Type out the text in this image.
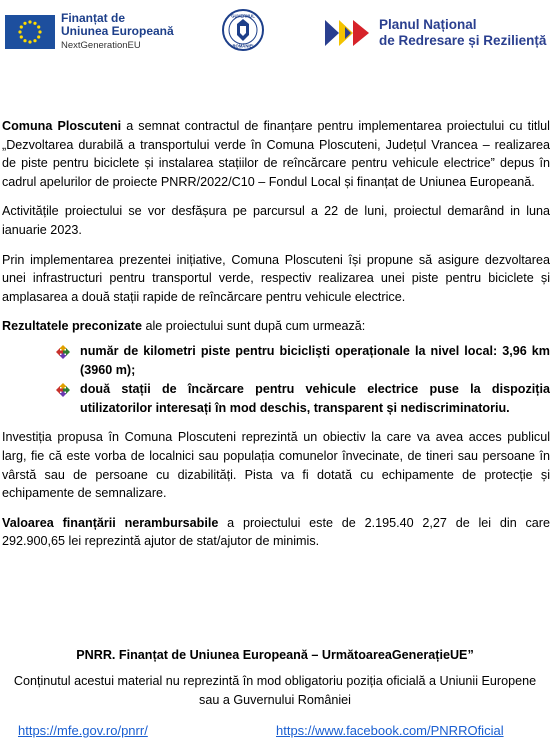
Finanțat de
Uniunea Europeană
NextGenerationEU
GUVERNUL
ROMÂNIEI
Planul Național
de Redresare și Reziliență

Comuna Ploscuteni a semnat contractul de finanțare pentru implementarea proiectului cu titlul „Dezvoltarea durabilă a transportului verde în Comuna Ploscuteni, Județul Vrancea – realizarea de piste pentru biciclete și instalarea stațiilor de reîncărcare pentru vehicule electrice” depus în cadrul apelurilor de proiecte PNRR/2022/C10 – Fondul Local și finanțat de Uniunea Europeană.

Activitățile proiectului se vor desfășura pe parcursul a 22 de luni, proiectul demarând in luna ianuarie 2023.

Prin implementarea prezentei inițiative, Comuna Ploscuteni își propune să asigure dezvoltarea unei infrastructuri pentru transportul verde, respectiv realizarea unei piste pentru biciclete și amplasarea a două stații rapide de reîncărcare pentru vehicule electrice.

Rezultatele preconizate ale proiectului sunt după cum urmează:

număr de kilometri piste pentru bicicliști operaționale la nivel local: 3,96 km (3960 m);
două stații de încărcare pentru vehicule electrice puse la dispoziția utilizatorilor interesați în mod deschis, transparent și nediscriminatoriu.

Investiția propusa în Comuna Ploscuteni reprezintă un obiectiv la care va avea acces publicul larg, fie că este vorba de localnici sau populația comunelor învecinate, de tineri sau persoane în vârstă sau de persoane cu dizabilități. Pista va fi dotată cu echipamente de protecție și echipamente de semnalizare.

Valoarea finanțării nerambursabile a proiectului este de 2.195.40 2,27 de lei din care 292.900,65 lei reprezintă ajutor de stat/ajutor de minimis.

PNRR. Finanțat de Uniunea Europeană – UrmătoareaGenerațieUE”
Conținutul acestui material nu reprezintă în mod obligatoriu poziția oficială a Uniunii Europene sau a Guvernului României
https://mfe.gov.ro/pnrr/	https://www.facebook.com/PNRROficial
